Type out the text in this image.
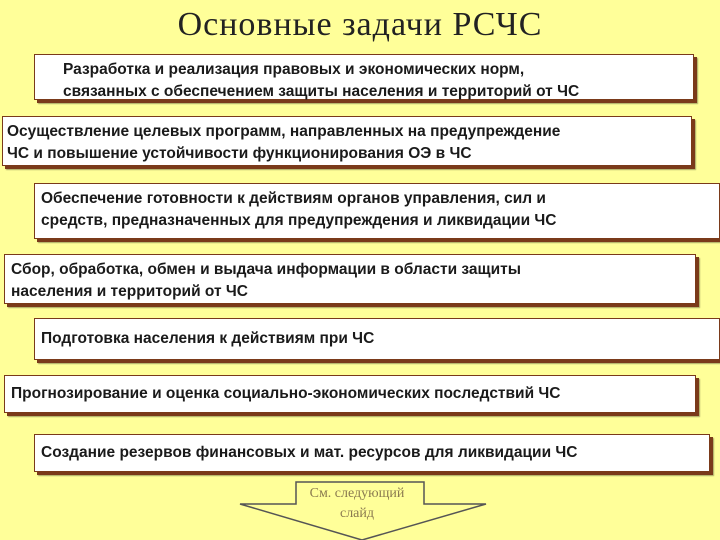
Основные задачи РСЧС
Разработка и реализация правовых и экономических норм,
связанных с обеспечением защиты населения и территорий от ЧС
Осуществление целевых программ, направленных на предупреждение
ЧС и повышение устойчивости функционирования ОЭ в ЧС
Обеспечение готовности к действиям органов управления, сил и
средств, предназначенных для предупреждения и ликвидации ЧС
Сбор, обработка, обмен и выдача информации в области защиты
населения и территорий от ЧС
Подготовка населения к действиям при ЧС
Прогнозирование и оценка социально-экономических последствий ЧС
Создание резервов финансовых и мат. ресурсов для ликвидации ЧС
См. следующий
слайд
